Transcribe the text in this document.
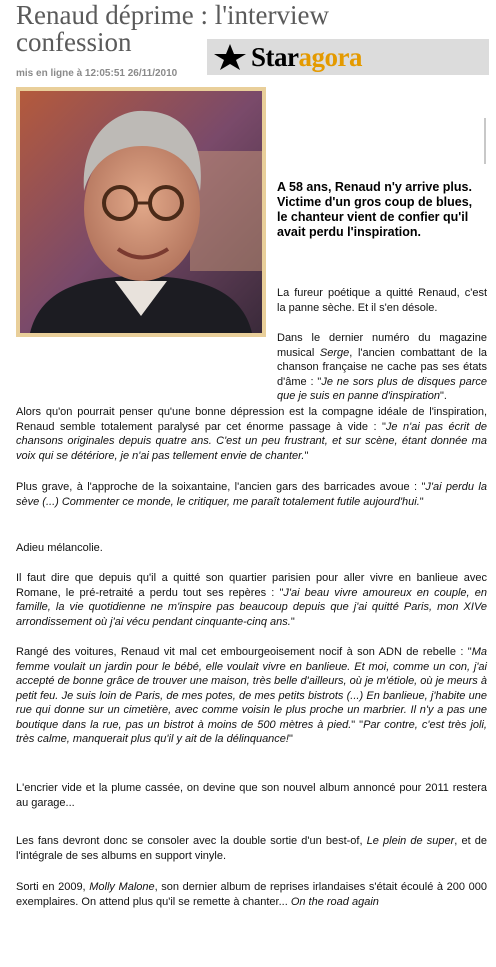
Renaud déprime : l'interview confession
mis en ligne à 12:05:51 26/11/2010
Star agora
A 58 ans, Renaud n'y arrive plus. Victime d'un gros coup de blues, le chanteur vient de confier qu'il avait perdu l'inspiration.
La fureur poétique a quitté Renaud, c'est la panne sèche. Et il s'en désole.
Dans le dernier numéro du magazine musical Serge, l'ancien combattant de la chanson française ne cache pas ses états d'âme : "Je ne sors plus de disques parce que je suis en panne d'inspiration".
Alors qu'on pourrait penser qu'une bonne dépression est la compagne idéale de l'inspiration, Renaud semble totalement paralysé par cet énorme passage à vide : "Je n'ai pas écrit de chansons originales depuis quatre ans. C'est un peu frustrant, et sur scène, étant donnée ma voix qui se détériore, je n'ai pas tellement envie de chanter."
Plus grave, à l'approche de la soixantaine, l'ancien gars des barricades avoue : "J'ai perdu la sève (...) Commenter ce monde, le critiquer, me paraît totalement futile aujourd'hui."
Adieu mélancolie.
Il faut dire que depuis qu'il a quitté son quartier parisien pour aller vivre en banlieue avec Romane, le pré-retraité a perdu tout ses repères : "J'ai beau vivre amoureux en couple, en famille, la vie quotidienne ne m'inspire pas beaucoup depuis que j'ai quitté Paris, mon XIVe arrondissement où j'ai vécu pendant cinquante-cinq ans."
Rangé des voitures, Renaud vit mal cet embourgeoisement nocif à son ADN de rebelle : "Ma femme voulait un jardin pour le bébé, elle voulait vivre en banlieue. Et moi, comme un con, j'ai accepté de bonne grâce de trouver une maison, très belle d'ailleurs, où je m'étiole, où je meurs à petit feu. Je suis loin de Paris, de mes potes, de mes petits bistrots (...) En banlieue, j'habite une rue qui donne sur un cimetière, avec comme voisin le plus proche un marbrier. Il n'y a pas une boutique dans la rue, pas un bistrot à moins de 500 mètres à pied." "Par contre, c'est très joli, très calme, manquerait plus qu'il y ait de la délinquance!"
L'encrier vide et la plume cassée, on devine que son nouvel album annoncé pour 2011 restera au garage...
Les fans devront donc se consoler avec la double sortie d'un best-of, Le plein de super, et de l'intégrale de ses albums en support vinyle.
Sorti en 2009, Molly Malone, son dernier album de reprises irlandaises s'était écoulé à 200 000 exemplaires. On attend plus qu'il se remette à chanter... On the road again
